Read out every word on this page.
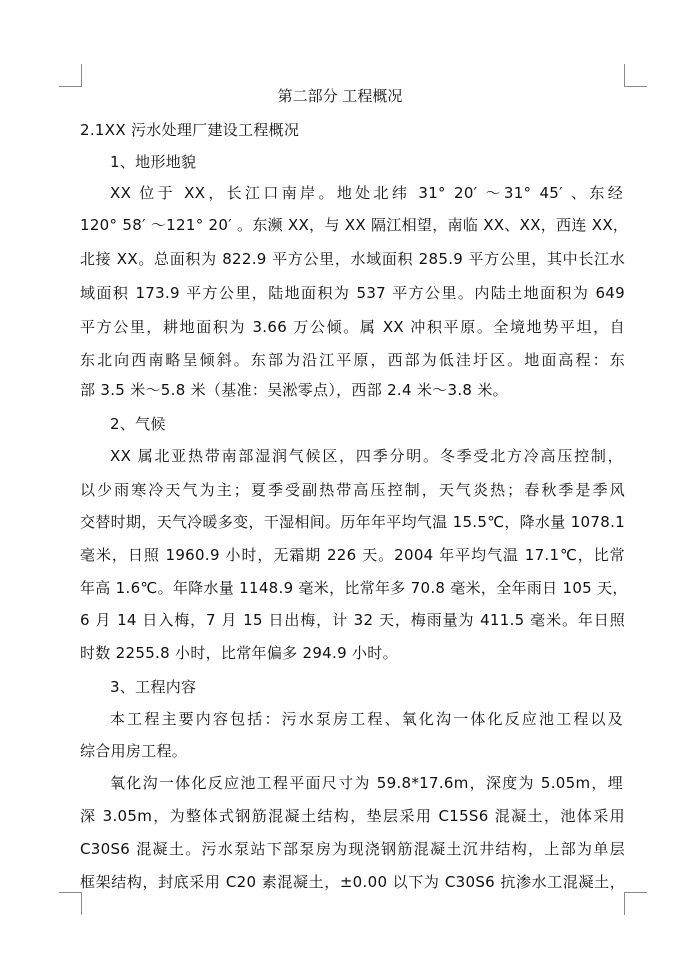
第二部分 工程概况
2.1XX 污水处理厂建设工程概况
1、地形地貌
XX 位于 XX，长江口南岸。地处北纬 31° 20′ ～31° 45′ 、东经
120° 58′ ～121° 20′ 。东濒 XX，与 XX 隔江相望，南临 XX、XX，西连 XX，
北接 XX。总面积为 822.9 平方公里，水域面积 285.9 平方公里，其中长江水
域面积 173.9 平方公里，陆地面积为 537 平方公里。内陆土地面积为 649
平方公里，耕地面积为 3.66 万公倾。属 XX 冲积平原。全境地势平坦，自
东北向西南略呈倾斜。东部为沿江平原，西部为低洼圩区。地面高程：东
部 3.5 米～5.8 米（基准：吴淞零点），西部 2.4 米～3.8 米。
2、气候
XX 属北亚热带南部湿润气候区，四季分明。冬季受北方冷高压控制，
以少雨寒冷天气为主；夏季受副热带高压控制，天气炎热；春秋季是季风
交替时期，天气冷暖多变，干湿相间。历年年平均气温 15.5℃，降水量 1078.1
毫米，日照 1960.9 小时，无霜期 226 天。2004 年平均气温 17.1℃，比常
年高 1.6℃。年降水量 1148.9 毫米，比常年多 70.8 毫米，全年雨日 105 天，
6 月 14 日入梅，7 月 15 日出梅，计 32 天，梅雨量为 411.5 毫米。年日照
时数 2255.8 小时，比常年偏多 294.9 小时。
3、工程内容
本工程主要内容包括：污水泵房工程、氧化沟一体化反应池工程以及
综合用房工程。
氧化沟一体化反应池工程平面尺寸为 59.8*17.6m，深度为 5.05m，埋
深 3.05m，为整体式钢筋混凝土结构，垫层采用 C15S6 混凝土，池体采用
C30S6 混凝土。污水泵站下部泵房为现浇钢筋混凝土沉井结构，上部为单层
框架结构，封底采用 C20 素混凝土，±0.00 以下为 C30S6 抗渗水工混凝土，
